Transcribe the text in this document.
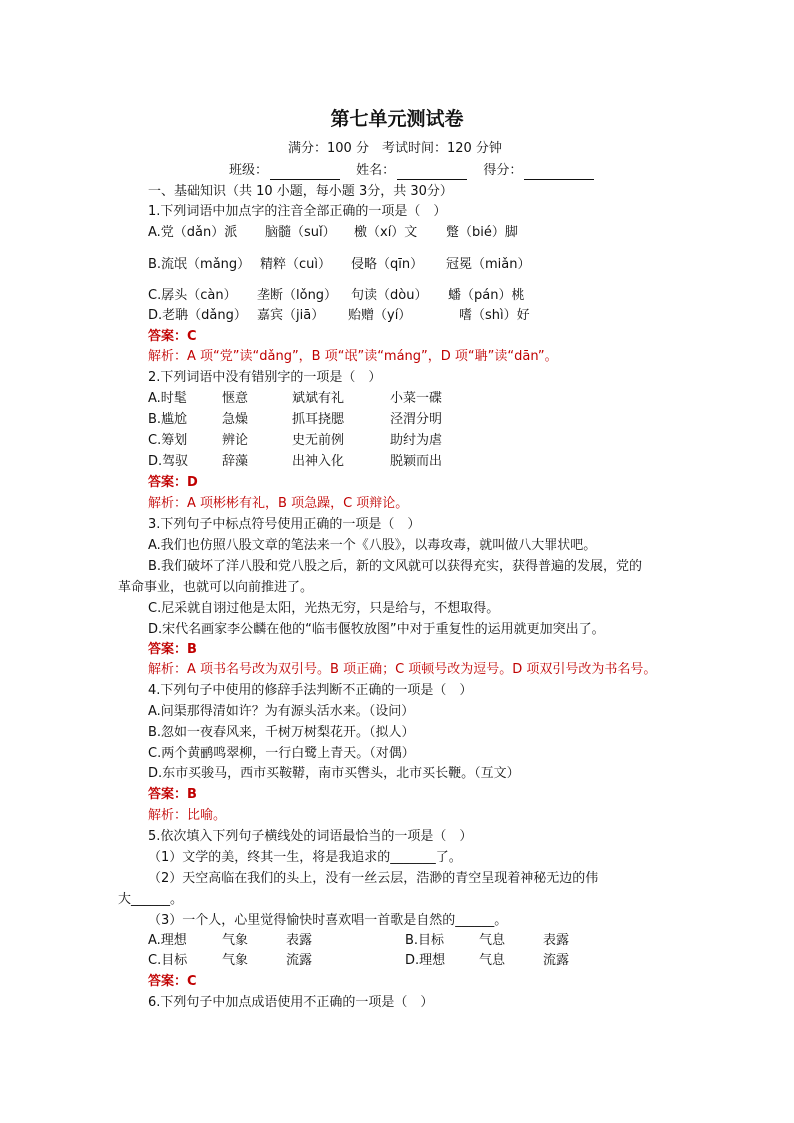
第七单元测试卷
满分：100 分　考试时间：120 分钟
班级：	姓名：	得分：
一、基础知识（共 10 小题，每小题 3分，共 30分）
1.下列词语中加点字的注音全部正确的一项是（　）
A.党（dǎn）派 脑髓（suǐ） 檄（xí）文 蹩（bié）脚
B.流氓（mǎng） 精粹（cuì） 侵略（qīn） 冠冕（miǎn）
C.孱头（càn） 垄断（lǒng） 句读（dòu） 蟠（pán）桃
D.老聃（dǎng） 嘉宾（jiā） 贻赠（yí）	嗜（shì）好
答案：C
解析：A 项“党”读“dǎng”，B 项“氓”读“máng”，D 项“聃”读“dān”。
2.下列词语中没有错别字的一项是（　）
A.时髦	惬意	斌斌有礼	小菜一碟
B.尴尬	急燥	抓耳挠腮	泾渭分明
C.筹划	辨论	史无前例	助纣为虐
D.驾驭	辞藻	出神入化	脱颖而出
答案：D
解析：A 项彬彬有礼，B 项急躁，C 项辩论。
3.下列句子中标点符号使用正确的一项是（　）
A.我们也仿照八股文章的笔法来一个《八股》，以毒攻毒，就叫做八大罪状吧。
B.我们破坏了洋八股和党八股之后，新的文风就可以获得充实，获得普遍的发展，党的
革命事业，也就可以向前推进了。
C.尼采就自诩过他是太阳，光热无穷，只是给与，不想取得。
D.宋代名画家李公麟在他的“临韦偃牧放图”中对于重复性的运用就更加突出了。
答案：B
解析：A 项书名号改为双引号。B 项正确；C 项顿号改为逗号。D 项双引号改为书名号。
4.下列句子中使用的修辞手法判断不正确的一项是（　）
A.问渠那得清如许？为有源头活水来。（设问）
B.忽如一夜春风来，千树万树梨花开。（拟人）
C.两个黄鹂鸣翠柳，一行白鹭上青天。（对偶）
D.东市买骏马，西市买鞍鞯，南市买辔头，北市买长鞭。（互文）
答案：B
解析：比喻。
5.依次填入下列句子横线处的词语最恰当的一项是（　）
（1）文学的美，终其一生，将是我追求的_______了。
（2）天空高临在我们的头上，没有一丝云层，浩渺的青空呈现着神秘无边的伟
大______。
（3）一个人，心里觉得愉快时喜欢唱一首歌是自然的______。
A.理想	气象	表露	B.目标	气息	表露
C.目标	气象	流露	D.理想	气息	流露
答案：C
6.下列句子中加点成语使用不正确的一项是（　）
